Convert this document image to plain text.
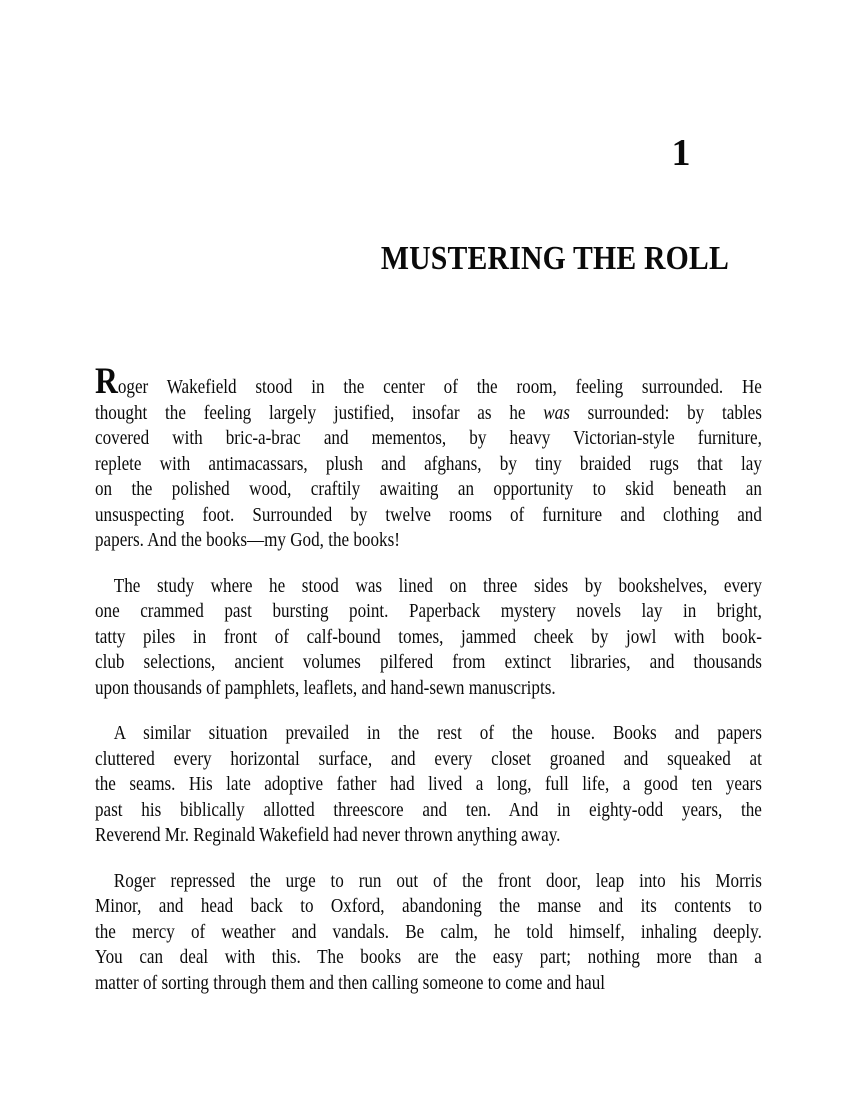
1
MUSTERING THE ROLL
Roger Wakefield stood in the center of the room, feeling surrounded. He
thought the feeling largely justified, insofar as he was surrounded: by tables
covered with bric-a-brac and mementos, by heavy Victorian-style furniture,
replete with antimacassars, plush and afghans, by tiny braided rugs that lay
on the polished wood, craftily awaiting an opportunity to skid beneath an
unsuspecting foot. Surrounded by twelve rooms of furniture and clothing and
papers. And the books—my God, the books!
The study where he stood was lined on three sides by bookshelves, every
one crammed past bursting point. Paperback mystery novels lay in bright,
tatty piles in front of calf-bound tomes, jammed cheek by jowl with book-
club selections, ancient volumes pilfered from extinct libraries, and thousands
upon thousands of pamphlets, leaflets, and hand-sewn manuscripts.
A similar situation prevailed in the rest of the house. Books and papers
cluttered every horizontal surface, and every closet groaned and squeaked at
the seams. His late adoptive father had lived a long, full life, a good ten years
past his biblically allotted threescore and ten. And in eighty-odd years, the
Reverend Mr. Reginald Wakefield had never thrown anything away.
Roger repressed the urge to run out of the front door, leap into his Morris
Minor, and head back to Oxford, abandoning the manse and its contents to
the mercy of weather and vandals. Be calm, he told himself, inhaling deeply.
You can deal with this. The books are the easy part; nothing more than a
matter of sorting through them and then calling someone to come and haul
